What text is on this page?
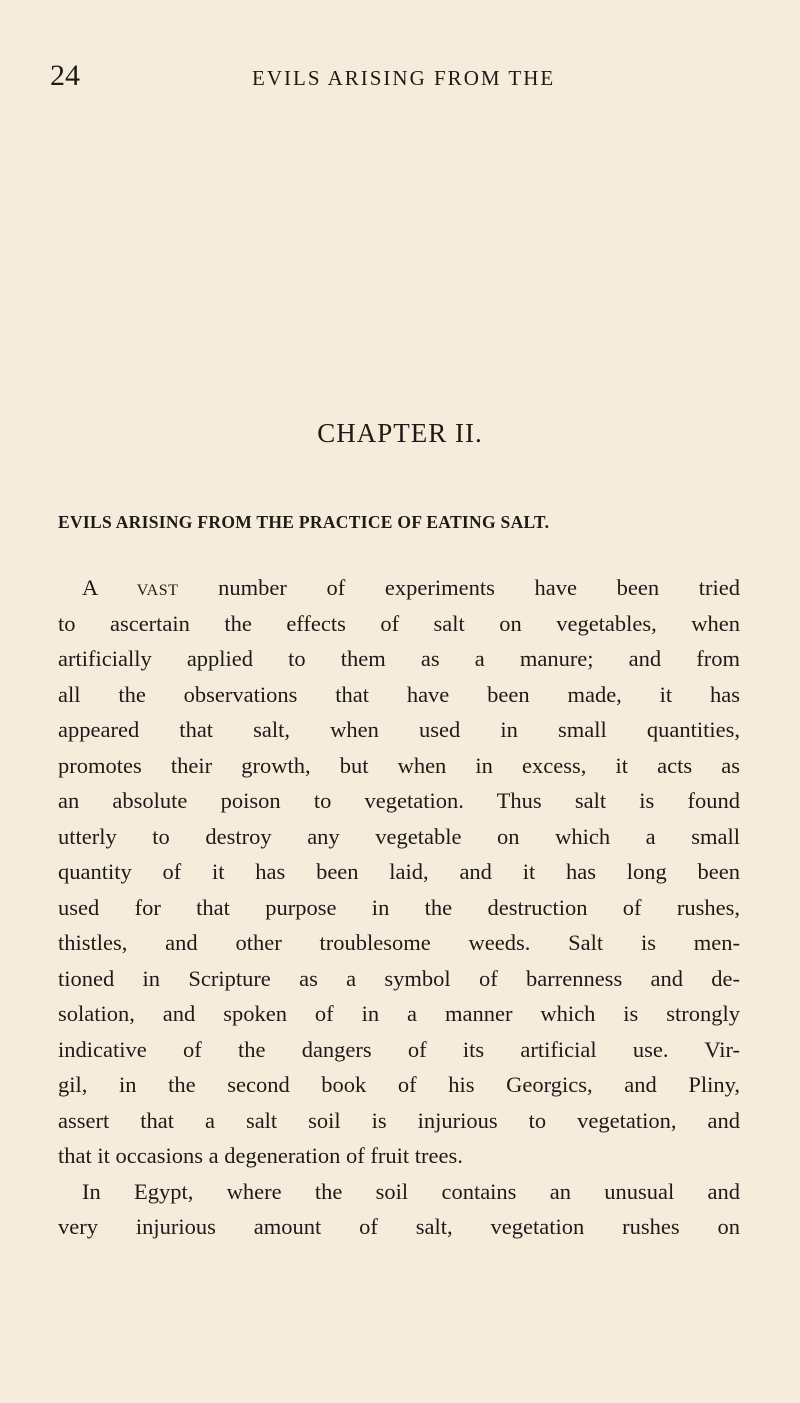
24	EVILS ARISING FROM THE
CHAPTER II.
EVILS ARISING FROM THE PRACTICE OF EATING SALT.
A vast number of experiments have been tried
to ascertain the effects of salt on vegetables, when
artificially applied to them as a manure; and from
all the observations that have been made, it has
appeared that salt, when used in small quantities,
promotes their growth, but when in excess, it acts as
an absolute poison to vegetation. Thus salt is found
utterly to destroy any vegetable on which a small
quantity of it has been laid, and it has long been
used for that purpose in the destruction of rushes,
thistles, and other troublesome weeds. Salt is men-
tioned in Scripture as a symbol of barrenness and de-
solation, and spoken of in a manner which is strongly
indicative of the dangers of its artificial use. Vir-
gil, in the second book of his Georgics, and Pliny,
assert that a salt soil is injurious to vegetation, and
that it occasions a degeneration of fruit trees.
In Egypt, where the soil contains an unusual and
very injurious amount of salt, vegetation rushes on
